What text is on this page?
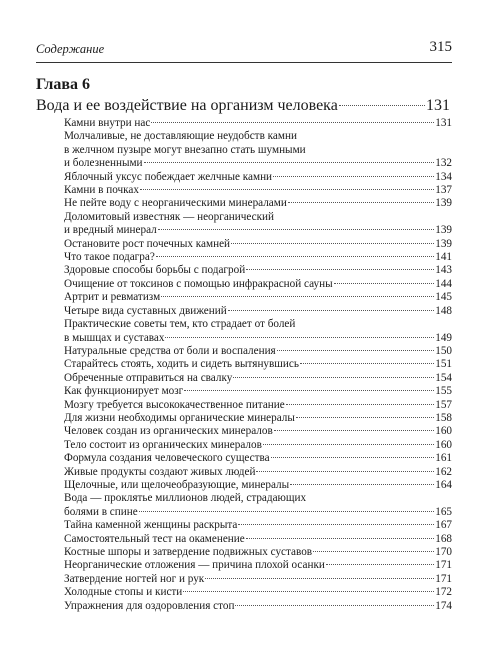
Содержание	315
Глава 6
Вода и ее воздействие на организм человека	131
Камни внутри нас	131
Молчаливые, не доставляющие неудобств камни
в желчном пузыре могут внезапно стать шумными
и болезненными	132
Яблочный уксус побеждает желчные камни	134
Камни в почках	137
Не пейте воду с неорганическими минералами	139
Доломитовый известняк — неорганический
и вредный минерал	139
Остановите рост почечных камней	139
Что такое подагра?	141
Здоровые способы борьбы с подагрой	143
Очищение от токсинов с помощью инфракрасной сауны	144
Артрит и ревматизм	145
Четыре вида суставных движений	148
Практические советы тем, кто страдает от болей
в мышцах и суставах	149
Натуральные средства от боли и воспаления	150
Старайтесь стоять, ходить и сидеть вытянувшись	151
Обреченные отправиться на свалку	154
Как функционирует мозг	155
Мозгу требуется высококачественное питание	157
Для жизни необходимы органические минералы	158
Человек создан из органических минералов	160
Тело состоит из органических минералов	160
Формула создания человеческого существа	161
Живые продукты создают живых людей	162
Щелочные, или щелочеобразующие, минералы	164
Вода — проклятье миллионов людей, страдающих
болями в спине	165
Тайна каменной женщины раскрыта	167
Самостоятельный тест на окаменение	168
Костные шпоры и затвердение подвижных суставов	170
Неорганические отложения — причина плохой осанки	171
Затвердение ногтей ног и рук	171
Холодные стопы и кисти	172
Упражнения для оздоровления стоп	174
